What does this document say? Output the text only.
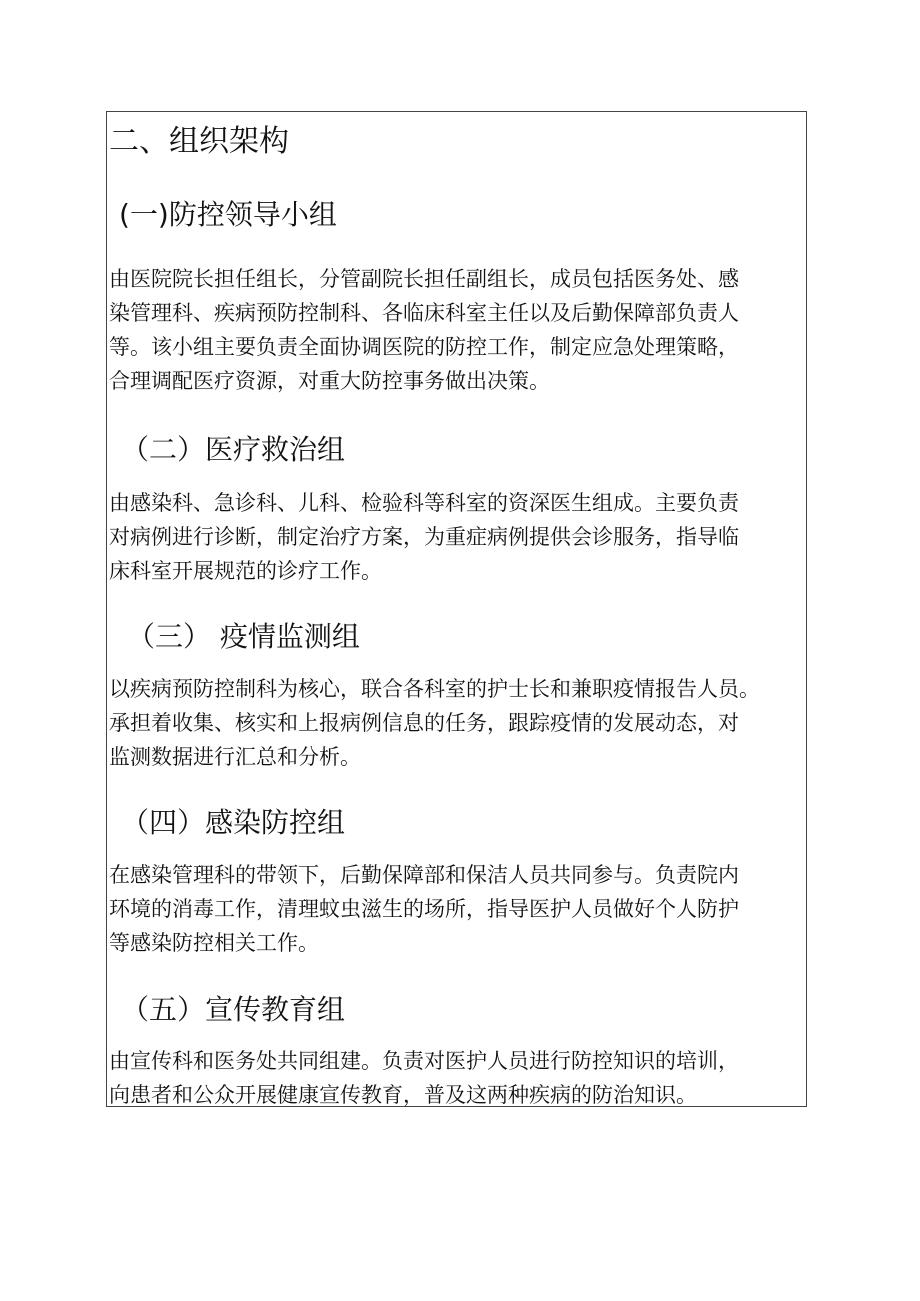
二、组织架构
(一)防控领导小组
由医院院长担任组长，分管副院长担任副组长，成员包括医务处、感
染管理科、疾病预防控制科、各临床科室主任以及后勤保障部负责人
等。该小组主要负责全面协调医院的防控工作，制定应急处理策略，
合理调配医疗资源，对重大防控事务做出决策。
（二）医疗救治组
由感染科、急诊科、儿科、检验科等科室的资深医生组成。主要负责
对病例进行诊断，制定治疗方案，为重症病例提供会诊服务，指导临
床科室开展规范的诊疗工作。
（三） 疫情监测组
以疾病预防控制科为核心，联合各科室的护士长和兼职疫情报告人员。
承担着收集、核实和上报病例信息的任务，跟踪疫情的发展动态，对
监测数据进行汇总和分析。
（四）感染防控组
在感染管理科的带领下，后勤保障部和保洁人员共同参与。负责院内
环境的消毒工作，清理蚊虫滋生的场所，指导医护人员做好个人防护
等感染防控相关工作。
（五）宣传教育组
由宣传科和医务处共同组建。负责对医护人员进行防控知识的培训，
向患者和公众开展健康宣传教育，普及这两种疾病的防治知识。
